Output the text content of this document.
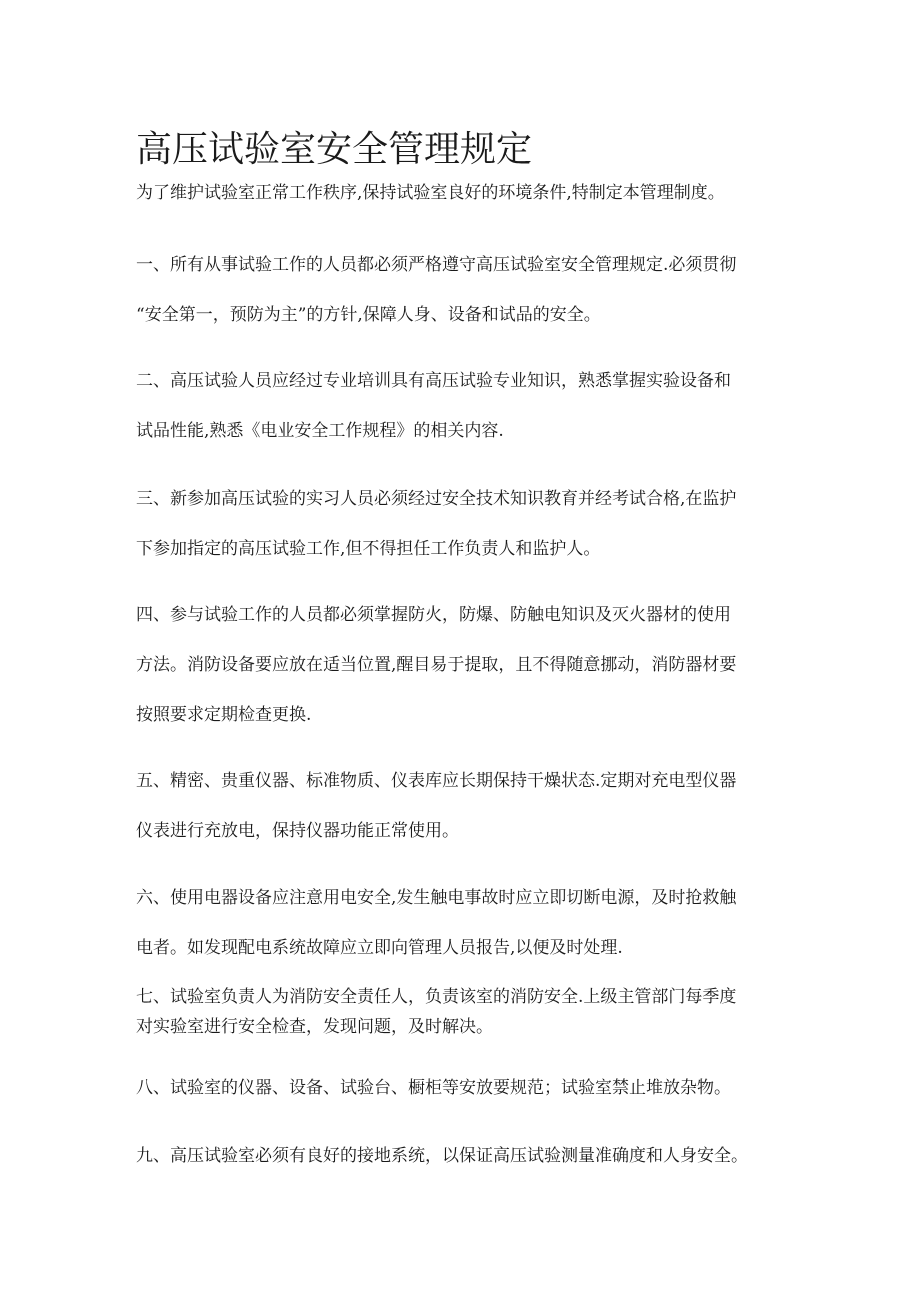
高压试验室安全管理规定
为了维护试验室正常工作秩序,保持试验室良好的环境条件,特制定本管理制度。
一、所有从事试验工作的人员都必须严格遵守高压试验室安全管理规定.必须贯彻
“安全第一，预防为主”的方针,保障人身、设备和试品的安全。
二、高压试验人员应经过专业培训具有高压试验专业知识，熟悉掌握实验设备和
试品性能,熟悉《电业安全工作规程》的相关内容.
三、新参加高压试验的实习人员必须经过安全技术知识教育并经考试合格,在监护
下参加指定的高压试验工作,但不得担任工作负责人和监护人。
四、参与试验工作的人员都必须掌握防火，防爆、防触电知识及灭火器材的使用
方法。消防设备要应放在适当位置,醒目易于提取，且不得随意挪动，消防器材要
按照要求定期检查更换.
五、精密、贵重仪器、标准物质、仪表库应长期保持干燥状态.定期对充电型仪器
仪表进行充放电，保持仪器功能正常使用。
六、使用电器设备应注意用电安全,发生触电事故时应立即切断电源，及时抢救触
电者。如发现配电系统故障应立即向管理人员报告,以便及时处理.
七、试验室负责人为消防安全责任人，负责该室的消防安全.上级主管部门每季度
对实验室进行安全检查，发现问题，及时解决。
八、试验室的仪器、设备、试验台、橱柜等安放要规范；试验室禁止堆放杂物。
九、高压试验室必须有良好的接地系统，以保证高压试验测量准确度和人身安全。
